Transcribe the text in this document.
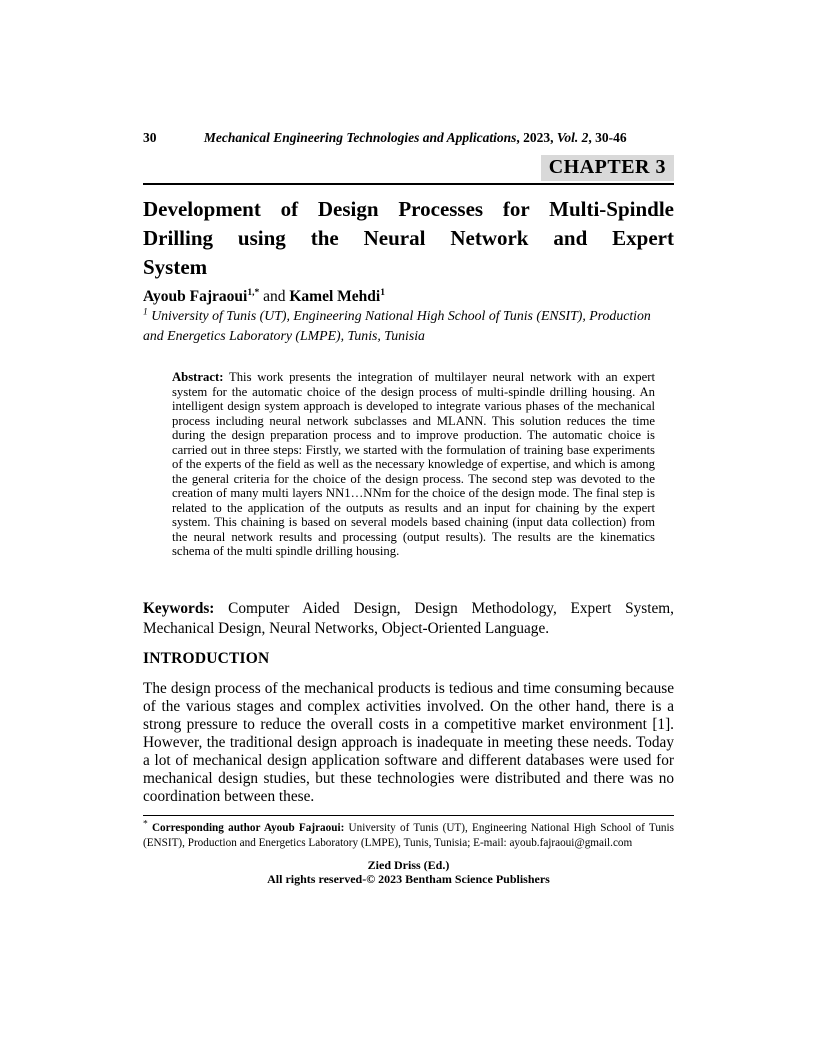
30	Mechanical Engineering Technologies and Applications, 2023, Vol. 2, 30-46
CHAPTER 3
Development of Design Processes for Multi-Spindle
Drilling using the Neural Network and Expert
System
Ayoub Fajraoui$^{1,*}$ and Kamel Mehdi$^1$
$^1$ University of Tunis (UT), Engineering National High School of Tunis (ENSIT), Production and Energetics Laboratory (LMPE), Tunis, Tunisia
Abstract: This work presents the integration of multilayer neural network with an expert system for the automatic choice of the design process of multi-spindle drilling housing. An intelligent design system approach is developed to integrate various phases of the mechanical process including neural network subclasses and MLANN. This solution reduces the time during the design preparation process and to improve production. The automatic choice is carried out in three steps: Firstly, we started with the formulation of training base experiments of the experts of the field as well as the necessary knowledge of expertise, and which is among the general criteria for the choice of the design process. The second step was devoted to the creation of many multi layers NN1…NNm for the choice of the design mode. The final step is related to the application of the outputs as results and an input for chaining by the expert system. This chaining is based on several models based chaining (input data collection) from the neural network results and processing (output results). The results are the kinematics schema of the multi spindle drilling housing.
Keywords: Computer Aided Design, Design Methodology, Expert System, Mechanical Design, Neural Networks, Object-Oriented Language.
INTRODUCTION
The design process of the mechanical products is tedious and time consuming because of the various stages and complex activities involved. On the other hand, there is a strong pressure to reduce the overall costs in a competitive market environment [1]. However, the traditional design approach is inadequate in meeting these needs. Today a lot of mechanical design application software and different databases were used for mechanical design studies, but these technologies were distributed and there was no coordination between these.
* Corresponding author Ayoub Fajraoui: University of Tunis (UT), Engineering National High School of Tunis (ENSIT), Production and Energetics Laboratory (LMPE), Tunis, Tunisia; E-mail: ayoub.fajraoui@gmail.com
Zied Driss (Ed.)
All rights reserved-© 2023 Bentham Science Publishers
